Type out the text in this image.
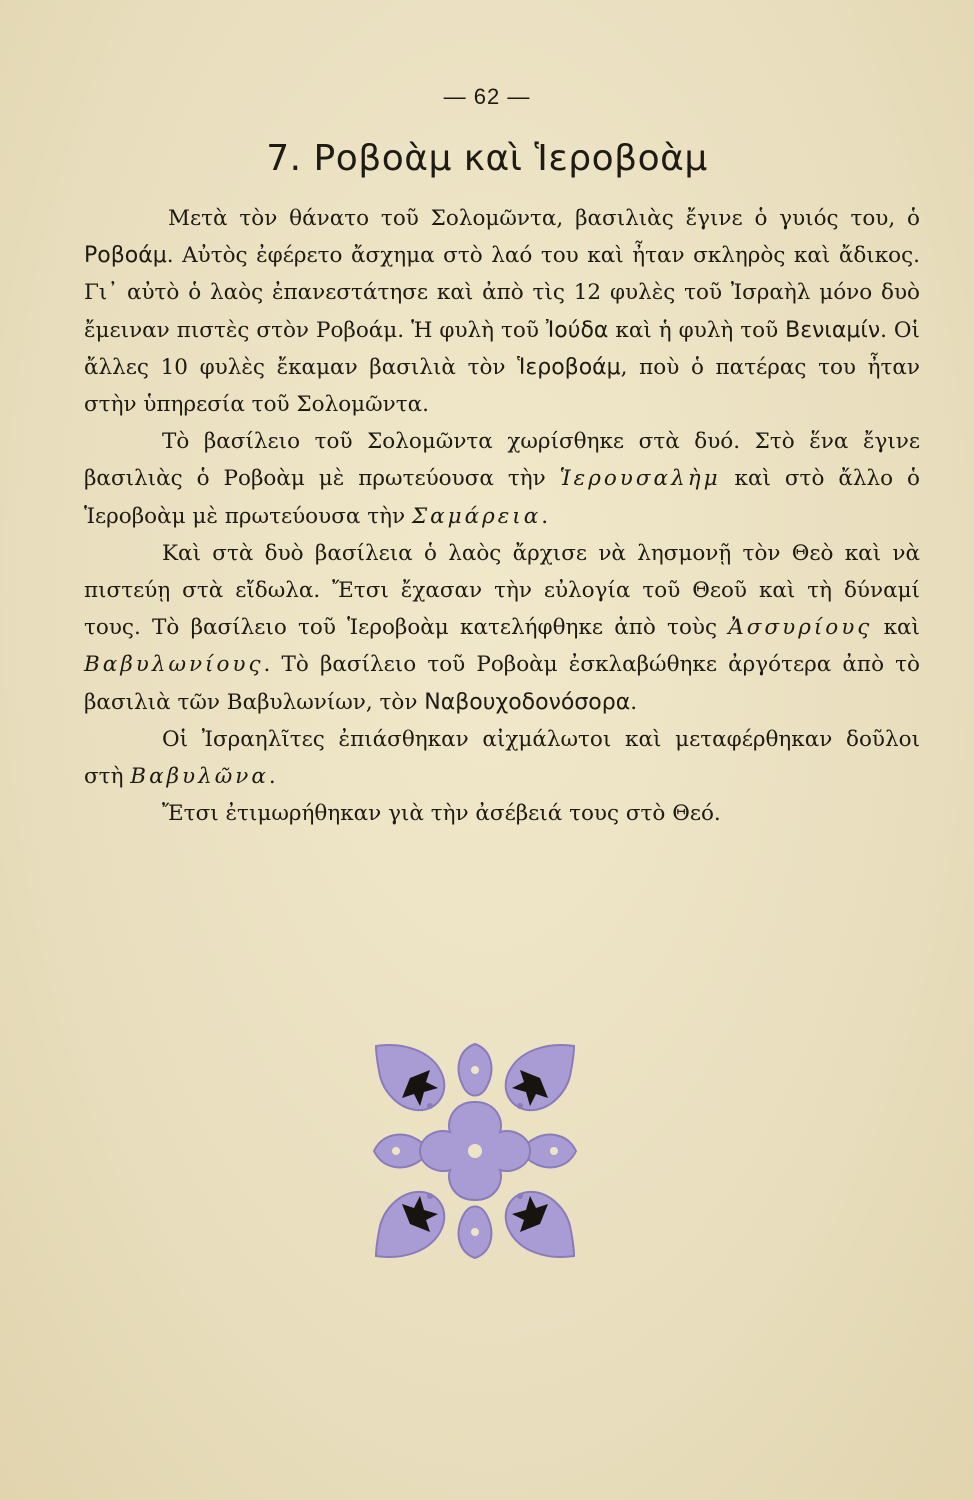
— 62 —
7. Ροβοὰμ καὶ Ἱεροβοὰμ

Μετὰ τὸν θάνατο τοῦ Σολομῶντα, βασιλιὰς ἔγινε ὁ γυιός του, ὁ Ροβοάμ. Αὐτὸς ἐφέρετο ἄσχημα στὸ λαό του καὶ ἦταν σκληρὸς καὶ ἄδικος. Γι᾽ αὐτὸ ὁ λαὸς ἐπανεστάτησε καὶ ἀπὸ τὶς 12 φυλὲς τοῦ Ἰσραὴλ μόνο δυὸ ἔμειναν πιστὲς στὸν Ροβοάμ. Ἡ φυλὴ τοῦ Ἰούδα καὶ ἡ φυλὴ τοῦ Βενιαμίν. Οἱ ἄλλες 10 φυλὲς ἔκαμαν βασιλιὰ τὸν Ἱεροβοάμ, ποὺ ὁ πατέρας του ἦταν στὴν ὑπηρεσία τοῦ Σολομῶντα.

Τὸ βασίλειο τοῦ Σολομῶντα χωρίσθηκε στὰ δυό. Στὸ ἕνα ἔγινε βασιλιὰς ὁ Ροβοὰμ μὲ πρωτεύουσα τὴν Ἱερουσαλὴμ καὶ στὸ ἄλλο ὁ Ἱεροβοὰμ μὲ πρωτεύουσα τὴν Σαμάρεια.

Καὶ στὰ δυὸ βασίλεια ὁ λαὸς ἄρχισε νὰ λησμονῇ τὸν Θεὸ καὶ νὰ πιστεύῃ στὰ εἴδωλα. Ἔτσι ἔχασαν τὴν εὐλογία τοῦ Θεοῦ καὶ τὴ δύναμί τους. Τὸ βασίλειο τοῦ Ἱεροβοὰμ κατελήφθηκε ἀπὸ τοὺς Ἀσσυρίους καὶ Βαβυλωνίους. Τὸ βασίλειο τοῦ Ροβοὰμ ἐσκλαβώθηκε ἀργότερα ἀπὸ τὸ βασιλιὰ τῶν Βαβυλωνίων, τὸν Ναβουχοδονόσορα.

Οἱ Ἰσραηλῖτες ἐπιάσθηκαν αἰχμάλωτοι καὶ μεταφέρθηκαν δοῦλοι στὴ Βαβυλῶνα.

Ἔτσι ἐτιμωρήθηκαν γιὰ τὴν ἀσέβειά τους στὸ Θεό.
